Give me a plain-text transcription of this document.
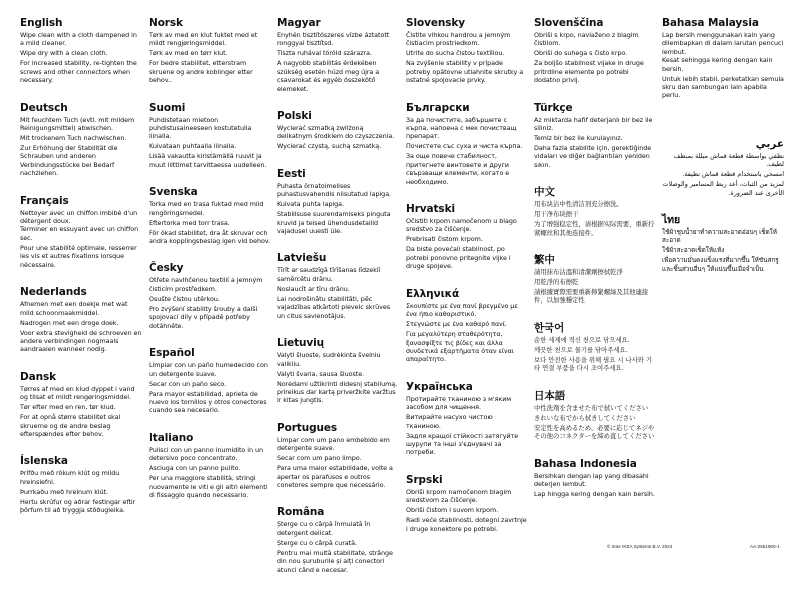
English

Wipe clean with a cloth dampened in a mild cleaner.

Wipe dry with a clean cloth.

For increased stability, re-tighten the screws and other connectors when necessary.

Deutsch

Mit feuchtem Tuch (evtl. mit mildem Reinigungsmittel) abwischen.

Mit trockenem Tuch nachwischen.

Zur Erhöhung der Stabilität die Schrauben und anderen Verbindungsstücke bei Bedarf nachziehen.

Français

Nettoyer avec un chiffon imbibé d'un détergent doux.
Terminer en essuyant avec un chiffon sec.

Pour une stabilité optimale, resserrer les vis et autres fixations lorsque nécessaire.

Nederlands

Afnemen met een doekje met wat mild schoonmaakmiddel.

Nadrogen met een droge doek.

Voor extra stevigheid de schroeven en andere verbindingen nogmaals aandraaien wanneer nodig.

Dansk

Tørres af med en klud dyppet i vand og tilsat et mildt rengøringsmiddel.

Tør efter med en ren, tør klud.

For at opnå større stabilitet skal skruerne og de andre beslag efterspændes efter behov.

Íslenska

Þrífðu með rökum klút og mildu hreinsiefni.

Þurrkaðu með hreinum klút.

Hertu skrúfur og aðrar festingar eftir þörfum til að tryggja stöðugleika.

Norsk

Tørk av med en klut fuktet med et mildt rengjøringsmiddel.

Tørk av med en tørr klut.

For bedre stabilitet, etterstram skruene og andre koblinger etter behov..

Suomi

Puhdistetaan mietoon puhdistusaineeseen kostutetulla liinalla.

Kuivataan puhtaalla liinalla.

Lisää vakautta kiristämällä ruuvit ja muut liittimet tarvittaessa uudelleen.

Svenska

Torka med en trasa fuktad med mild rengöringsmedel.

Eftertorka med torr trasa.

För ökad stabilitet, dra åt skruvar och andra kopplingsbeslag igen vid behov.

Česky

Otřete navlhčenou textilií a jemným čisticím prostředkem.

Osušte čistou utěrkou.

Pro zvýšení stability šrouby a další spojovací díly v případě potřeby dotáhněte.

Español

Limpiar con un paño humedecido con un detergente suave.

Secar con un paño seco.

Para mayor estabilidad, aprieta de nuevo los tornillos y otros conectores cuando sea necesario.

Italiano

Pulisci con un panno inumidito in un detersivo poco concentrato.

Asciuga con un panno pulito.

Per una maggiore stabilità, stringi nuovamente le viti e gli altri elementi di fissaggio quando necessario.

Magyar

Enyhén tisztítószeres vízbe áztatott ronggyal tisztítsd.

Tiszta ruhával töröld szárazra.

A nagyobb stabilitás érdekében szükség esetén húzd meg újra a csavarokat és egyéb összekötő elemeket.

Polski

Wycierać szmatką zwilżoną delikatnym środkiem do czyszczenia.

Wycierać czystą, suchą szmatką.

Eesti

Puhasta õrnatoimelises puhastusvahendis niisutatud lapiga.

Kuivata puhta lapiga.

Stabiilsuse suurendamiseks pinguta kruvid ja teised ühendusdetailid vajadusel uuesti üle.

Latviešu

Tīrīt ar saudzīgā tīrīšanas līdzeklī samērcētu drānu.

Noslaucīt ar tīru drānu.

Lai nodrošinātu stabilitāti, pēc vajadzības atkārtoti pievelc skrūves un citus savienotājus.

Lietuvių

Valyti šluoste, sudrėkinta švelniu valikliu.

Valyti švaria, sausa šluoste.

Norėdami užtikrinti didesnį stabilumą, prireikus dar kartą priveržkite varžtus ir kitas jungtis.

Portugues

Limpar com um pano embebido em detergente suave.

Secar com um pano limpo.

Para uma maior estabilidade, volte a apertar os parafusos e outros conetores sempre que necessário.

Româna

Șterge cu o cârpă înmuiată în detergent delicat.

Șterge cu o cârpă curată.

Pentru mai multă stabilitate, strânge din nou șuruburile și alți conectori atunci când e necesar.

Slovensky

Čistite vlhkou handrou a jemným čistiacim prostriedkom.

Utrite do sucha čistou textíliou.

Na zvýšenie stability v prípade potreby opätovne utiahnite skrutky a ostatné spojovacie prvky.

Български

За да почистите, забършете с кърпа, напоена с мек почистващ препарат.

Почистете със суха и чиста кърпа.

За още повече стабилност, притегнете винтовете и други свързващи елементи, когато е необходимо.

Hrvatski

Očistiti krpom namočenom u blago sredstvo za čišćenje.

Prebrisati čistom krpom.

Da biste povećali stabilnost, po potrebi ponovno pritegnite vijke i druge spojeve.

Ελληνικά

Σκουπίστε με ένα πανί βρεγμένο με ένα ήπιο καθαριστικό.

Στεγνώστε με ένα καθαρό πανί.

Για μεγαλύτερη σταθερότητα, ξανασφίξτε τις βίδες και άλλα συνδετικά εξαρτήματα όταν είναι απαραίτητο.

Українська

Протирайте тканиною з м'яким засобом для чищення.

Витирайте насухо чистою тканиною.

Задля кращої стійкості затягуйте шурупи та інші з'єднувачі за потреби.

Srpski

Obriši krpom namočenom blagim sredstvom za čišćenje.

Obriši čistom i suvom krpom.

Radi veće stabilnosti, dotegni zavrtnje i druge konektore po potrebi.

Slovenščina

Obriši s krpo, navlaženo z blagim čistilom.

Obriši do suhega s čisto krpo.

Za boljšo stabilnost vijake in druge pritrdilne elemente po potrebi dodatno privij.

Türkçe

Az miktarda hafif deterjanlı bir bez ile siliniz.

Temiz bir bez ile kurulayınız.

Daha fazla stabilite için, gerektiğinde vidaları ve diğer bağlantıları yeniden sıkın.

中文

用布块沾中性清洁剂充分擦洗。

用干净布块擦干

为了增强稳定性，请根据实际需要，重新拧紧螺丝和其他连接件。

繁中

請用抹布沾溫和清潔劑擦拭乾淨

用乾淨的布擦乾

請根據實際需要重新擰緊螺絲及其他連接件，以加強穩定性

한국어

순한 세제에 적신 천으로 닦으세요.

깨끗한 천으로 물기를 닦아주세요.

보다 안전한 사용을 위해 필요 시 나사와 기타 연결 부품을 다시 조여주세요.

日本語

中性洗剤を含ませた布で拭いてください

きれいな布でから拭きしてください

安定性を高めるため、必要に応じてネジやその他のコネクターを締め直してください

Bahasa Indonesia

Bersihkan dengan lap yang dibasahi deterjen lembut.

Lap hingga kering dengan kain bersih.

Bahasa Malaysia

Lap bersih menggunakan kain yang dilembapkan di dalam larutan pencuci lembut.
Kesat sehingga kering dengan kain bersih.

Untuk lebih stabil, perketatkan semula skru dan sambungan lain apabila perlu.

عربي

نظفي بواسطة قطعة قماش مبللة بمنظف لطيف.

امسحي باستخدام قطعة قماش نظيفة.

لمزيد من الثبات، أعد ربط المسامير والوصلات الأخرى عند الضرورة.

ไทย

ใช้ผ้าชุบน้ำยาทำความสะอาดอ่อนๆ เช็ดให้สะอาด

ใช้ผ้าสะอาดเช็ดให้แห้ง

เพื่อความมั่นคงแข็งแรงที่มากขึ้น ให้ขันสกรูและชิ้นส่วนอื่นๆ ให้แน่นขึ้นเมื่อจำเป็น

© Inter IKEA Systems B.V. 2024	AA-2551900-1
